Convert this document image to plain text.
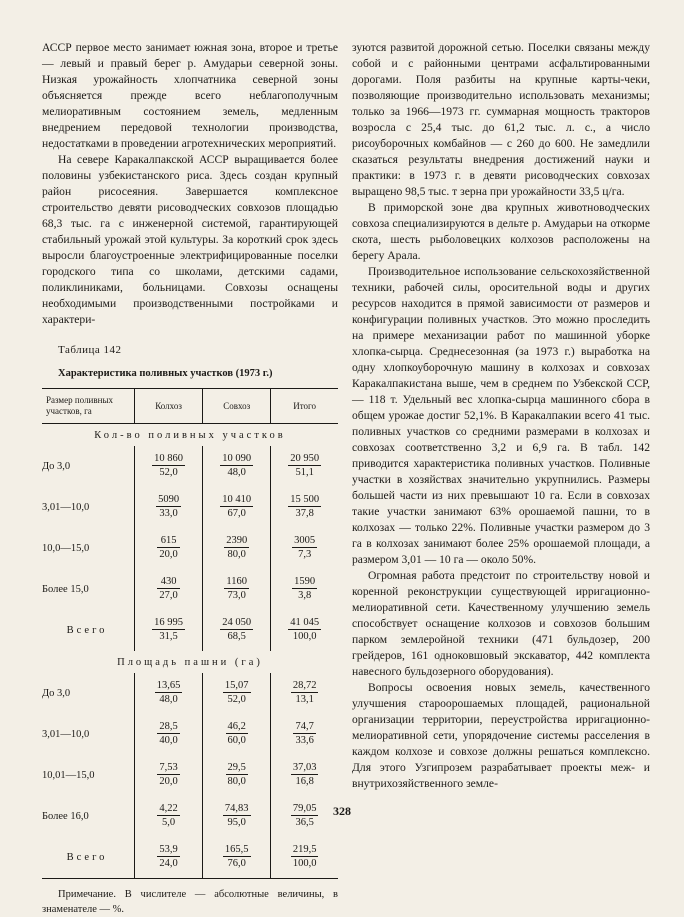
АССР первое место занимает южная зона, второе и третье — левый и правый берег р. Амударьи северной зоны. Низкая урожайность хлопчатника северной зоны объясняется прежде всего неблагополучным мелиоративным состоянием земель, медленным внедрением передовой технологии производства, недостатками в проведении агротехнических мероприятий.

На севере Каракалпакской АССР выращивается более половины узбекистанского риса. Здесь создан крупный район рисосеяния. Завершается комплексное строительство девяти рисоводческих совхозов площадью 68,3 тыс. га с инженерной системой, гарантирующей стабильный урожай этой культуры. За короткий срок здесь выросли благоустроенные электрифицированные поселки городского типа со школами, детскими садами, поликлиниками, больницами. Совхозы оснащены необходимыми производственными постройками и характери-

Таблица 142
Характеристика поливных участков (1973 г.)
Размер поливных участков, га	Колхоз	Совхоз	Итого
Кол-во поливных участков			
До 3,0	$\frac{10 860}{52,0}$	$\frac{10 090}{48,0}$	$\frac{20 950}{51,1}$

3,01—10,0	$\frac{5090}{33,0}$	$\frac{10 410}{67,0}$	$\frac{15 500}{37,8}$

10,0—15,0	$\frac{615}{20,0}$	$\frac{2390}{80,0}$	$\frac{3005}{7,3}$

Более 15,0	$\frac{430}{27,0}$	$\frac{1160}{73,0}$	$\frac{1590}{3,8}$

Всего	$\frac{16 995}{31,5}$	$\frac{24 050}{68,5}$	$\frac{41 045}{100,0}$

Площадь пашни (га)			
До 3,0	$\frac{13,65}{48,0}$	$\frac{15,07}{52,0}$	$\frac{28,72}{13,1}$

3,01—10,0	$\frac{28,5}{40,0}$	$\frac{46,2}{60,0}$	$\frac{74,7}{33,6}$

10,01—15,0	$\frac{7,53}{20,0}$	$\frac{29,5}{80,0}$	$\frac{37,03}{16,8}$

Более 16,0	$\frac{4,22}{5,0}$	$\frac{74,83}{95,0}$	$\frac{79,05}{36,5}$

Всего	$\frac{53,9}{24,0}$	$\frac{165,5}{76,0}$	$\frac{219,5}{100,0}$
Примечание. В числителе — абсолютные величины, в знаменателе — %.

зуются развитой дорожной сетью. Поселки связаны между собой и с районными центрами асфальтированными дорогами. Поля разбиты на крупные карты-чеки, позволяющие производительно использовать механизмы; только за 1966—1973 гг. суммарная мощность тракторов возросла с 25,4 тыс. до 61,2 тыс. л. с., а число рисоуборочных комбайнов — с 260 до 600. Не замедлили сказаться результаты внедрения достижений науки и практики: в 1973 г. в девяти рисоводческих совхозах выращено 98,5 тыс. т зерна при урожайности 33,5 ц/га.

В приморской зоне два крупных животноводческих совхоза специализируются в дельте р. Амударьи на откорме скота, шесть рыболовецких колхозов расположены на берегу Арала.

Производительное использование сельскохозяйственной техники, рабочей силы, оросительной воды и других ресурсов находится в прямой зависимости от размеров и конфигурации поливных участков. Это можно проследить на примере механизации работ по машинной уборке хлопка-сырца. Среднесезонная (за 1973 г.) выработка на одну хлопкоуборочную машину в колхозах и совхозах Каракалпакистана выше, чем в среднем по Узбекской ССР, — 118 т. Удельный вес хлопка-сырца машинного сбора в общем урожае достиг 52,1%. В Каракалпакии всего 41 тыс. поливных участков со средними размерами в колхозах и совхозах соответственно 3,2 и 6,9 га. В табл. 142 приводится характеристика поливных участков. Поливные участки в хозяйствах значительно укрупнились. Размеры большей части из них превышают 10 га. Если в совхозах такие участки занимают 63% орошаемой пашни, то в колхозах — только 22%. Поливные участки размером до 3 га в колхозах занимают более 25% орошаемой площади, а размером 3,01 — 10 га — около 50%.

Огромная работа предстоит по строительству новой и коренной реконструкции существующей ирригационно-мелиоративной сети. Качественному улучшению земель способствует оснащение колхозов и совхозов большим парком землеройной техники (471 бульдозер, 200 грейдеров, 161 одноковшовый экскаватор, 442 комплекта навесного бульдозерного оборудования).

Вопросы освоения новых земель, качественного улучшения староорошаемых площадей, рациональной организации территории, переустройства ирригационно-мелиоративной сети, упорядочение системы расселения в каждом колхозе и совхозе должны решаться комплексно. Для этого Узгипрозем разрабатывает проекты меж- и внутрихозяйственного земле-

328
